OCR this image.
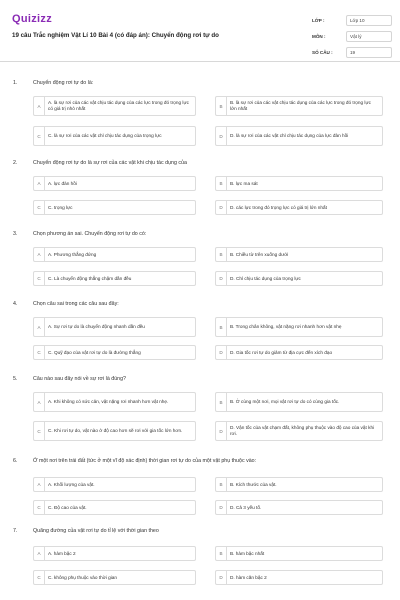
Quizizz
19 câu Trắc nghiệm Vật Lí 10 Bài 4 (có đáp án): Chuyển động rơi tự do
LỚP :	Lớp 10
MÔN :	Vật lý
SỐ CÂU :	19
1.	Chuyển động rơi tự do là:
A
A. là sự rơi của các vật chịu tác dụng của các lực trong đó trọng lực có giá trị nhỏ nhất	B
B. là sự rơi của các vật chịu tác dụng của các lực trong đó trọng lực lớn nhất
C	C. là sự rơi của các vật chỉ chịu tác dụng của trọng lực	D	D. là sự rơi của các vật chỉ chịu tác dụng của lực đàn hồi
2.	Chuyển động rơi tự do là sự rơi của các vật khi chịu tác dụng của
A	A. lực đàn hồi	B	B. lực ma sát
C	C. trọng lực	D	D. các lực trong đó trọng lực có giá trị lớn nhất
3.	Chọn phương án sai. Chuyển động rơi tự do có:
A	A. Phương thẳng đứng	B	B. Chiều từ trên xuống dưới
C	C. Là chuyển động thẳng chậm dần đều	D	D. Chỉ chịu tác dụng của trọng lực
4.	Chọn câu sai trong các câu sau đây:
A	A. Sự rơi tự do là chuyển động nhanh dần đều	B	B. Trong chân không, vật nặng rơi nhanh hơn vật nhẹ
C	C. Quỹ đạo của vật rơi tự do là đường thẳng	D	D. Gia tốc rơi tự do giảm từ địa cực đến xích đạo
5.	Câu nào sau đây nói về sự rơi là đúng?
A	A. Khi không có sức cản, vật nặng rơi nhanh hơn vật nhẹ.	B	B. Ở cùng một nơi, mọi vật rơi tự do có cùng gia tốc.
C	C. Khi rơi tự do, vật nào ở độ cao hơn sẽ rơi với gia tốc lớn hơn.	D
D. Vận tốc của vật chạm đất, không phụ thuộc vào độ cao của vật khi rơi.
6.	Ở một nơi trên trái đất (tức ở một vĩ độ xác định) thời gian rơi tự do của một vật phụ thuộc vào:
A	A. Khối lượng của vật.	B	B. Kích thước của vật.
C	C. Độ cao của vật.	D	D. Cả 3 yếu tố.
7.	Quãng đường của vật rơi tự do tỉ lệ với thời gian theo
A	A. hàm bậc 2	B	B. hàm bậc nhất
C	C. không phụ thuộc vào thời gian	D	D. hàm căn bậc 2
